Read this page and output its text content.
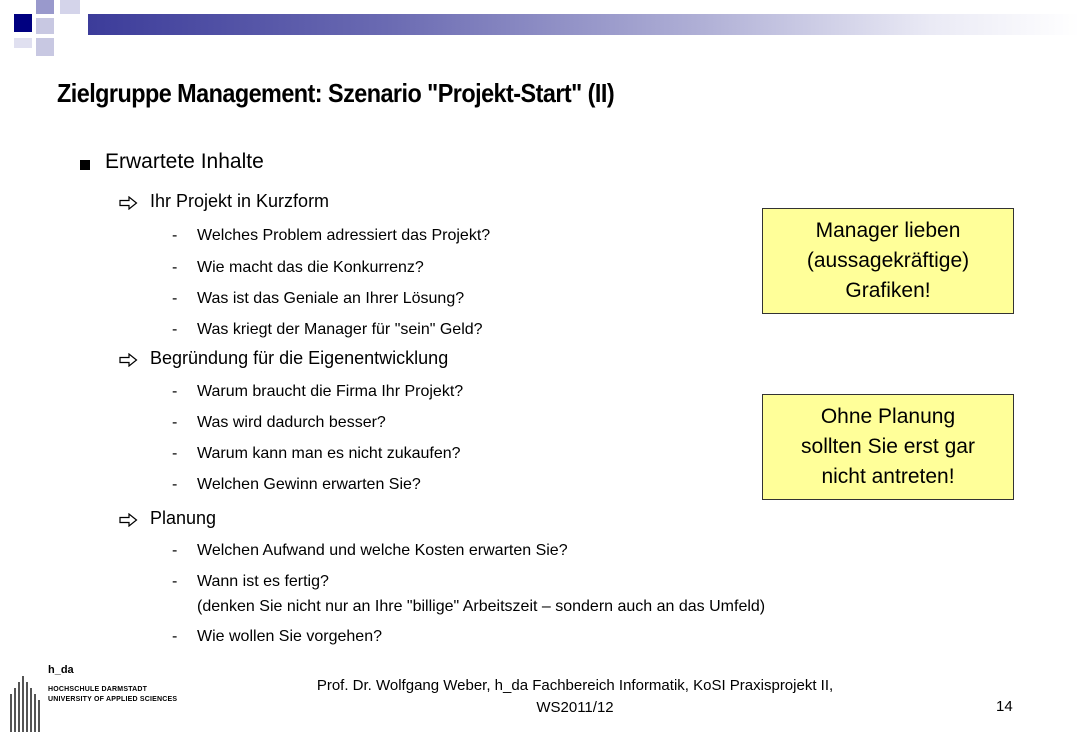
Zielgruppe Management: Szenario "Projekt-Start" (II)
Erwartete Inhalte
Ihr Projekt in Kurzform
- Welches Problem adressiert das Projekt?
- Wie macht das die Konkurrenz?
- Was ist das Geniale an Ihrer Lösung?
- Was kriegt der Manager für "sein" Geld?
Begründung für die Eigenentwicklung
- Warum braucht die Firma Ihr Projekt?
- Was wird dadurch besser?
- Warum kann man es nicht zukaufen?
- Welchen Gewinn erwarten Sie?
Planung
- Welchen Aufwand und welche Kosten erwarten Sie?
- Wann ist es fertig?
(denken Sie nicht nur an Ihre "billige" Arbeitszeit – sondern auch an das Umfeld)
- Wie wollen Sie vorgehen?
Manager lieben
(aussagekräftige)
Grafiken!
Ohne Planung
sollten Sie erst gar
nicht antreten!
h_da
HOCHSCHULE DARMSTADT
UNIVERSITY OF APPLIED SCIENCES
Prof. Dr. Wolfgang Weber, h_da Fachbereich Informatik, KoSI Praxisprojekt II,
WS2011/12	14
